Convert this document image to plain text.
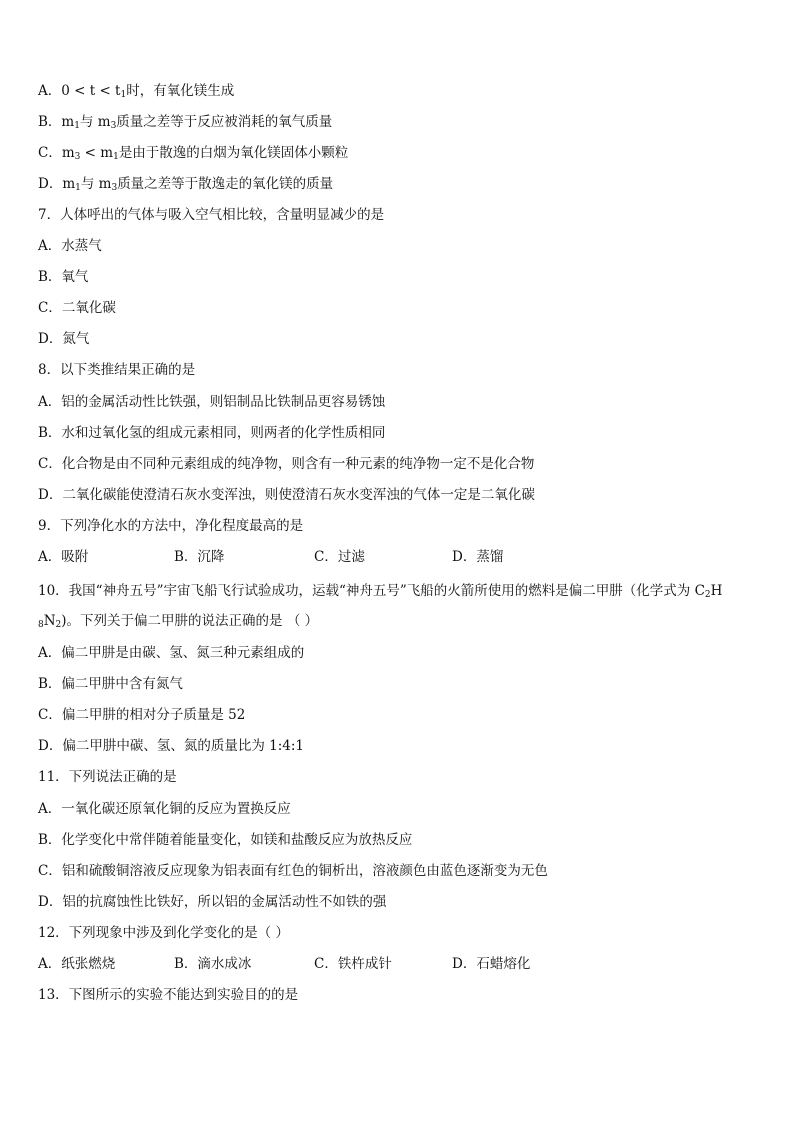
A．$0 < t < t_1$时，有氧化镁生成
B．$m_1$与 $m_3$质量之差等于反应被消耗的氧气质量
C．$m_3 < m_1$是由于散逸的白烟为氧化镁固体小颗粒
D．$m_1$与 $m_3$质量之差等于散逸走的氧化镁的质量
7．人体呼出的气体与吸入空气相比较，含量明显减少的是
A．水蒸气
B．氧气
C．二氧化碳
D．氮气
8．以下类推结果正确的是
A．铝的金属活动性比铁强，则铝制品比铁制品更容易锈蚀
B．水和过氧化氢的组成元素相同，则两者的化学性质相同
C．化合物是由不同种元素组成的纯净物，则含有一种元素的纯净物一定不是化合物
D．二氧化碳能使澄清石灰水变浑浊，则使澄清石灰水变浑浊的气体一定是二氧化碳
9．下列净化水的方法中，净化程度最高的是
A．吸附	B．沉降	C．过滤	D．蒸馏
10．我国“神舟五号”宇宙飞船飞行试验成功，运载“神舟五号”飞船的火箭所使用的燃料是偏二甲肼（化学式为 $C_2H$
$_8N_2$)。下列关于偏二甲肼的说法正确的是 （ ）
A．偏二甲肼是由碳、氢、氮三种元素组成的
B．偏二甲肼中含有氮气
C．偏二甲肼的相对分子质量是 52
D．偏二甲肼中碳、氢、氮的质量比为 1:4:1
11．下列说法正确的是
A．一氧化碳还原氧化铜的反应为置换反应
B．化学变化中常伴随着能量变化，如镁和盐酸反应为放热反应
C．铝和硫酸铜溶液反应现象为铝表面有红色的铜析出，溶液颜色由蓝色逐渐变为无色
D．铝的抗腐蚀性比铁好，所以铝的金属活动性不如铁的强
12．下列现象中涉及到化学变化的是（ ）
A．纸张燃烧	B．滴水成冰	C．铁杵成针	D．石蜡熔化
13．下图所示的实验不能达到实验目的的是
